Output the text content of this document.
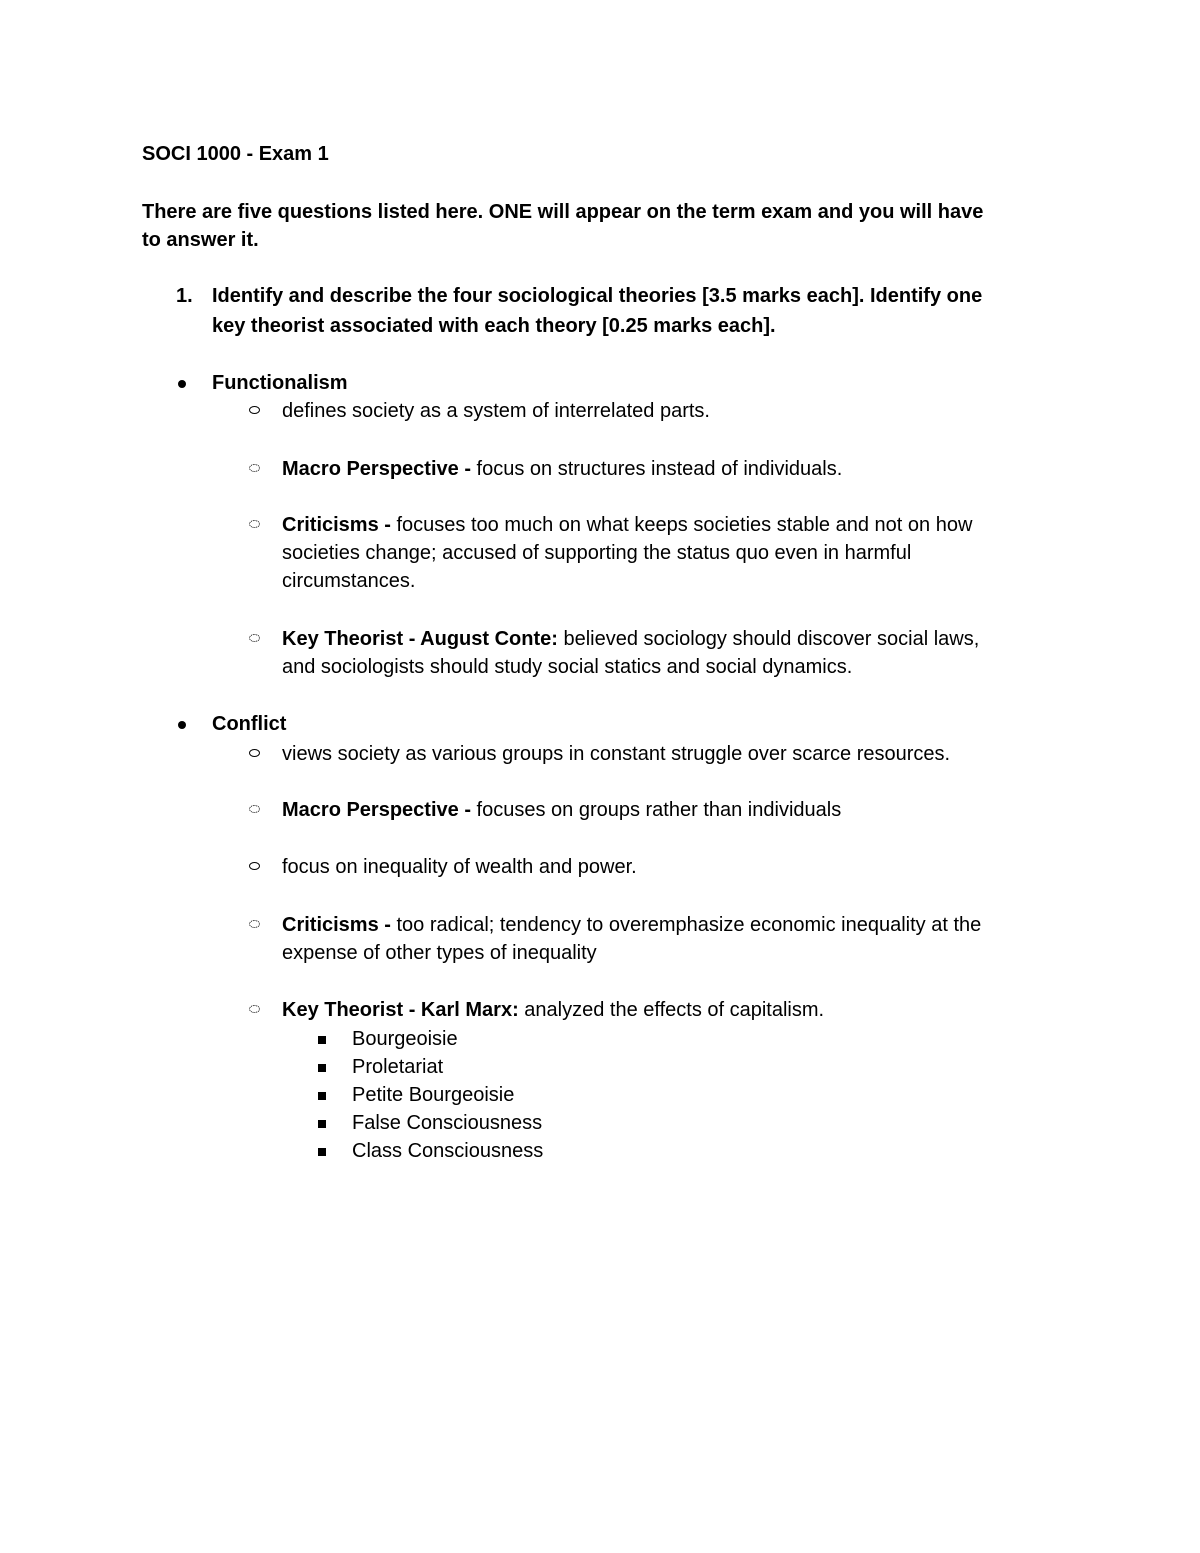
SOCI 1000 - Exam 1
There are five questions listed here. ONE will appear on the term exam and you will have
to answer it.
1. Identify and describe the four sociological theories [3.5 marks each]. Identify one
key theorist associated with each theory [0.25 marks each].
Functionalism
defines society as a system of interrelated parts.
Macro Perspective - focus on structures instead of individuals.
Criticisms - focuses too much on what keeps societies stable and not on how
societies change; accused of supporting the status quo even in harmful
circumstances.
Key Theorist - August Conte: believed sociology should discover social laws,
and sociologists should study social statics and social dynamics.
Conflict
views society as various groups in constant struggle over scarce resources.
Macro Perspective - focuses on groups rather than individuals
focus on inequality of wealth and power.
Criticisms - too radical; tendency to overemphasize economic inequality at the
expense of other types of inequality
Key Theorist - Karl Marx: analyzed the effects of capitalism.
Bourgeoisie
Proletariat
Petite Bourgeoisie
False Consciousness
Class Consciousness
